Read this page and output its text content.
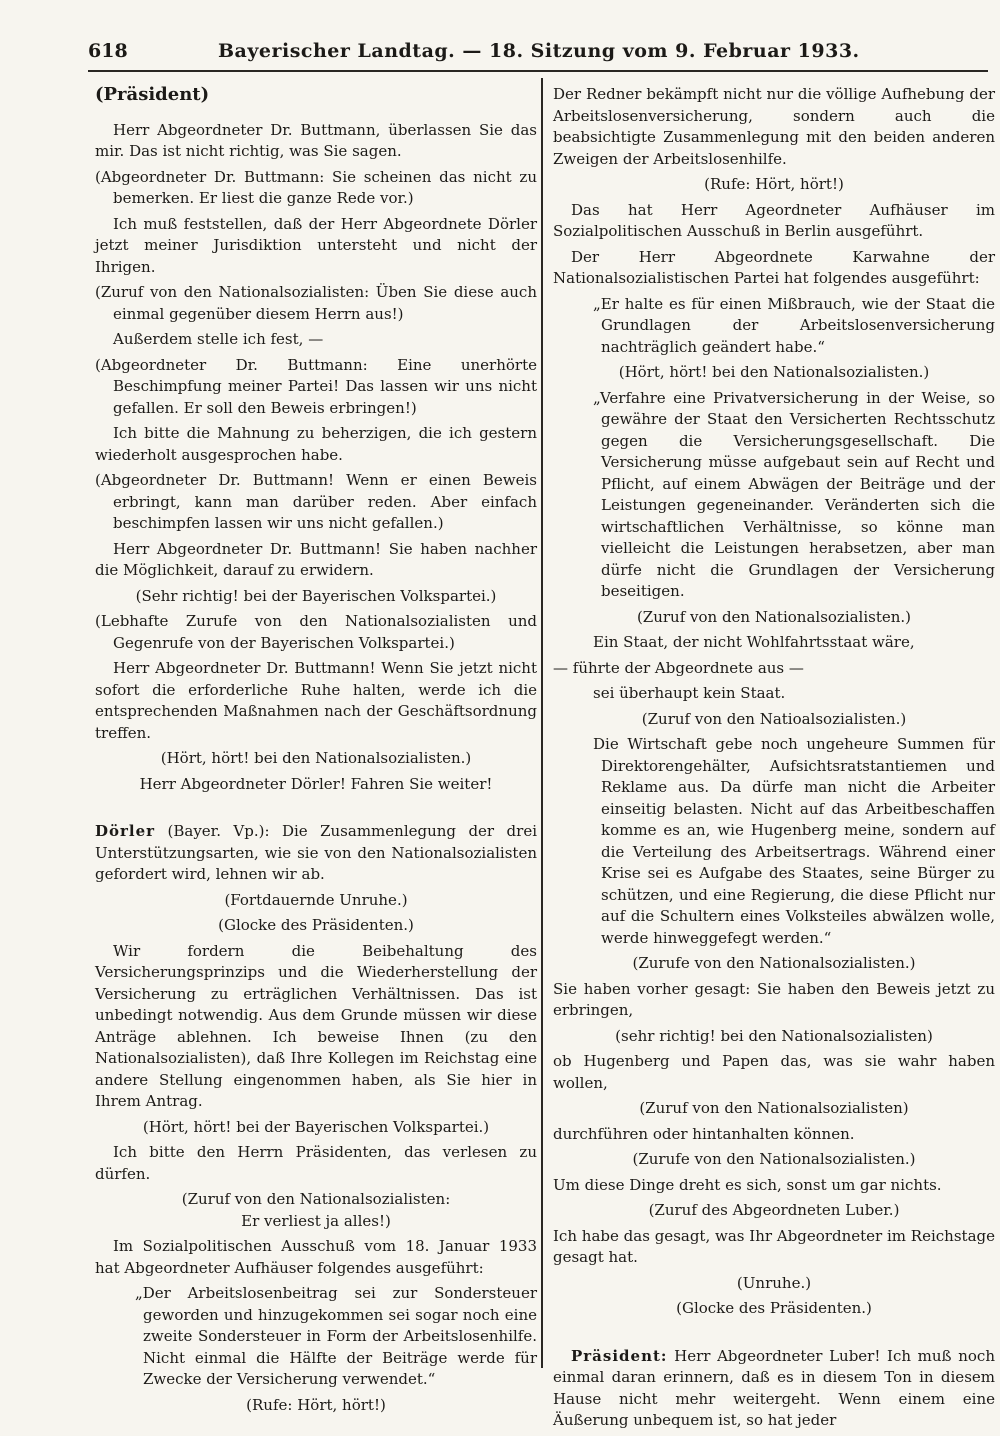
618	Bayerischer Landtag. — 18. Sitzung vom 9. Februar 1933.

(Präsident)

Herr Abgeordneter Dr. Buttmann, überlassen Sie das mir. Das ist nicht richtig, was Sie sagen.

(Abgeordneter Dr. Buttmann: Sie scheinen das nicht zu bemerken. Er liest die ganze Rede vor.)

Ich muß feststellen, daß der Herr Abgeordnete Dörler jetzt meiner Jurisdiktion untersteht und nicht der Ihrigen.

(Zuruf von den Nationalsozialisten: Üben Sie diese auch einmal gegenüber diesem Herrn aus!)

Außerdem stelle ich fest, —

(Abgeordneter Dr. Buttmann: Eine unerhörte Beschimpfung meiner Partei! Das lassen wir uns nicht gefallen. Er soll den Beweis erbringen!)

Ich bitte die Mahnung zu beherzigen, die ich gestern wiederholt ausgesprochen habe.

(Abgeordneter Dr. Buttmann! Wenn er einen Beweis erbringt, kann man darüber reden. Aber einfach beschimpfen lassen wir uns nicht gefallen.)

Herr Abgeordneter Dr. Buttmann! Sie haben nachher die Möglichkeit, darauf zu erwidern.

(Sehr richtig! bei der Bayerischen Volkspartei.)

(Lebhafte Zurufe von den Nationalsozialisten und Gegenrufe von der Bayerischen Volkspartei.)

Herr Abgeordneter Dr. Buttmann! Wenn Sie jetzt nicht sofort die erforderliche Ruhe halten, werde ich die entsprechenden Maßnahmen nach der Geschäftsordnung treffen.

(Hört, hört! bei den Nationalsozialisten.)

Herr Abgeordneter Dörler! Fahren Sie weiter!

Dörler (Bayer. Vp.): Die Zusammenlegung der drei Unterstützungsarten, wie sie von den Nationalsozialisten gefordert wird, lehnen wir ab.

(Fortdauernde Unruhe.)

(Glocke des Präsidenten.)

Wir fordern die Beibehaltung des Versicherungsprinzips und die Wiederherstellung der Versicherung zu erträglichen Verhältnissen. Das ist unbedingt notwendig. Aus dem Grunde müssen wir diese Anträge ablehnen. Ich beweise Ihnen (zu den Nationalsozialisten), daß Ihre Kollegen im Reichstag eine andere Stellung eingenommen haben, als Sie hier in Ihrem Antrag.

(Hört, hört! bei der Bayerischen Volkspartei.)

Ich bitte den Herrn Präsidenten, das verlesen zu dürfen.

(Zuruf von den Nationalsozialisten:

Er verliest ja alles!)

Im Sozialpolitischen Ausschuß vom 18. Januar 1933 hat Abgeordneter Aufhäuser folgendes ausgeführt:

„Der Arbeitslosenbeitrag sei zur Sondersteuer geworden und hinzugekommen sei sogar noch eine zweite Sondersteuer in Form der Arbeitslosenhilfe. Nicht einmal die Hälfte der Beiträge werde für Zwecke der Versicherung verwendet.“

(Rufe: Hört, hört!)

Der Redner bekämpft nicht nur die völlige Aufhebung der Arbeitslosenversicherung, sondern auch die beabsichtigte Zusammenlegung mit den beiden anderen Zweigen der Arbeitslosenhilfe.

(Rufe: Hört, hört!)

Das hat Herr Ageordneter Aufhäuser im Sozialpolitischen Ausschuß in Berlin ausgeführt.

Der Herr Abgeordnete Karwahne der Nationalsozialistischen Partei hat folgendes ausgeführt:

„Er halte es für einen Mißbrauch, wie der Staat die Grundlagen der Arbeitslosenversicherung nachträglich geändert habe.“

(Hört, hört! bei den Nationalsozialisten.)

„Verfahre eine Privatversicherung in der Weise, so gewähre der Staat den Versicherten Rechtsschutz gegen die Versicherungsgesellschaft. Die Versicherung müsse aufgebaut sein auf Recht und Pflicht, auf einem Abwägen der Beiträge und der Leistungen gegeneinander. Veränderten sich die wirtschaftlichen Verhältnisse, so könne man vielleicht die Leistungen herabsetzen, aber man dürfe nicht die Grundlagen der Versicherung beseitigen.

(Zuruf von den Nationalsozialisten.)

Ein Staat, der nicht Wohlfahrtsstaat wäre,

— führte der Abgeordnete aus —

sei überhaupt kein Staat.

(Zuruf von den Natioalsozialisten.)

Die Wirtschaft gebe noch ungeheure Summen für Direktorengehälter, Aufsichtsratstantiemen und Reklame aus. Da dürfe man nicht die Arbeiter einseitig belasten. Nicht auf das Arbeitbeschaffen komme es an, wie Hugenberg meine, sondern auf die Verteilung des Arbeitsertrags. Während einer Krise sei es Aufgabe des Staates, seine Bürger zu schützen, und eine Regierung, die diese Pflicht nur auf die Schultern eines Volksteiles abwälzen wolle, werde hinweggefegt werden.“

(Zurufe von den Nationalsozialisten.)

Sie haben vorher gesagt: Sie haben den Beweis jetzt zu erbringen,

(sehr richtig! bei den Nationalsozialisten)

ob Hugenberg und Papen das, was sie wahr haben wollen,

(Zuruf von den Nationalsozialisten)

durchführen oder hintanhalten können.

(Zurufe von den Nationalsozialisten.)

Um diese Dinge dreht es sich, sonst um gar nichts.

(Zuruf des Abgeordneten Luber.)

Ich habe das gesagt, was Ihr Abgeordneter im Reichstage gesagt hat.

(Unruhe.)

(Glocke des Präsidenten.)

Präsident: Herr Abgeordneter Luber! Ich muß noch einmal daran erinnern, daß es in diesem Ton in diesem Hause nicht mehr weitergeht. Wenn einem eine Äußerung unbequem ist, so hat jeder
